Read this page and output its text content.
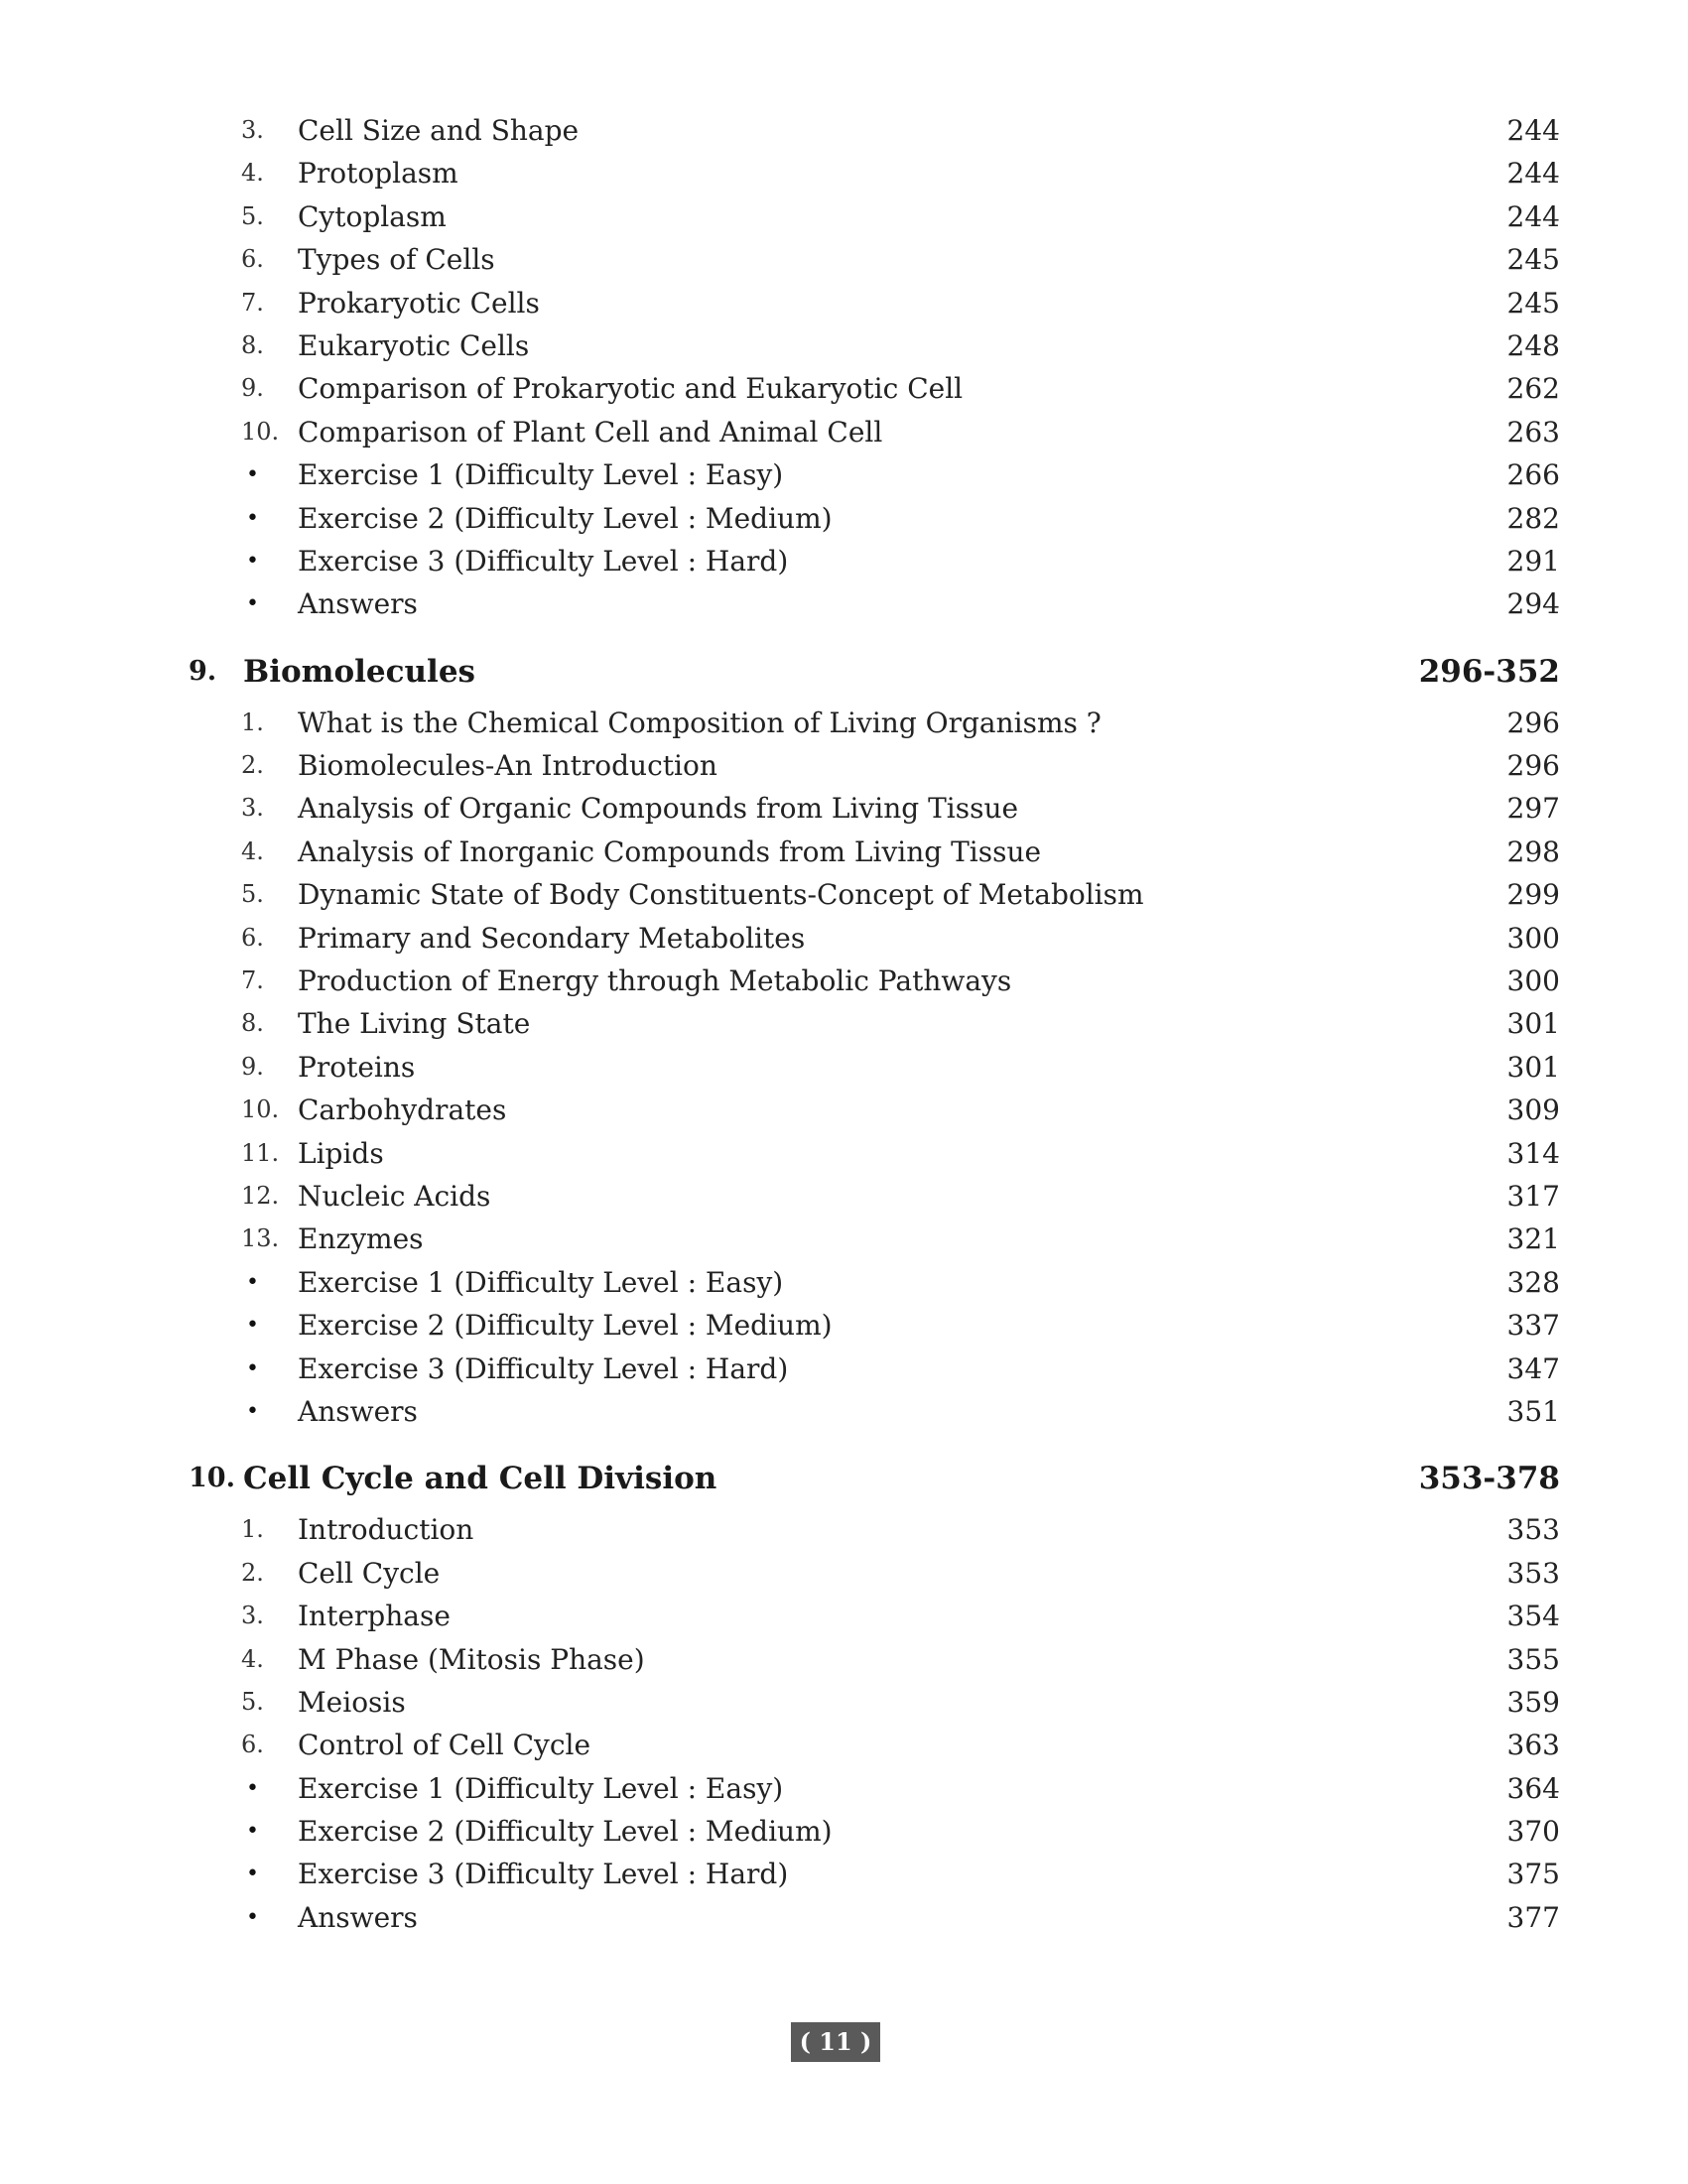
3.	Cell Size and Shape	244
4.	Protoplasm	244
5.	Cytoplasm	244
6.	Types of Cells	245
7.	Prokaryotic Cells	245
8.	Eukaryotic Cells	248
9.	Comparison of Prokaryotic and Eukaryotic Cell	262
10. Comparison of Plant Cell and Animal Cell	263
•	Exercise 1 (Difficulty Level : Easy)	266
•	Exercise 2 (Difficulty Level : Medium)	282
•	Exercise 3 (Difficulty Level : Hard)	291
•	Answers	294
9. Biomolecules	296-352
1.	What is the Chemical Composition of Living Organisms ?	296
2.	Biomolecules-An Introduction	296
3.	Analysis of Organic Compounds from Living Tissue	297
4.	Analysis of Inorganic Compounds from Living Tissue	298
5.	Dynamic State of Body Constituents-Concept of Metabolism	299
6.	Primary and Secondary Metabolites	300
7.	Production of Energy through Metabolic Pathways	300
8.	The Living State	301
9.	Proteins	301
10. Carbohydrates	309
11. Lipids	314
12. Nucleic Acids	317
13. Enzymes	321
•	Exercise 1 (Difficulty Level : Easy)	328
•	Exercise 2 (Difficulty Level : Medium)	337
•	Exercise 3 (Difficulty Level : Hard)	347
•	Answers	351
10. Cell Cycle and Cell Division	353-378
1.	Introduction	353
2.	Cell Cycle	353
3.	Interphase	354
4.	M Phase (Mitosis Phase)	355
5.	Meiosis	359
6.	Control of Cell Cycle	363
•	Exercise 1 (Difficulty Level : Easy)	364
•	Exercise 2 (Difficulty Level : Medium)	370
•	Exercise 3 (Difficulty Level : Hard)	375
•	Answers	377
( 11 )
